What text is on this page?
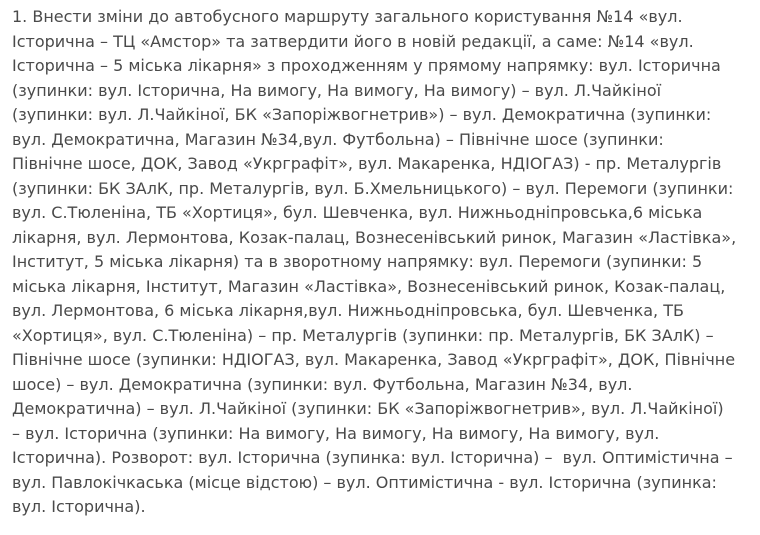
1. Внести зміни до автобусного маршруту загального користування №14 «вул.
Історична – ТЦ «Амстор» та затвердити його в новій редакції, а саме: №14 «вул.
Історична – 5 міська лікарня» з проходженням у прямому напрямку: вул. Історична
(зупинки: вул. Історична, На вимогу, На вимогу, На вимогу) – вул. Л.Чайкіної
(зупинки: вул. Л.Чайкіної, БК «Запоріжвогнетрив») – вул. Демократична (зупинки:
вул. Демократична, Магазин №34,вул. Футбольна) – Північне шосе (зупинки:
Північне шосе, ДОК, Завод «Укрграфіт», вул. Макаренка, НДІОГАЗ) - пр. Металургів
(зупинки: БК ЗАлК, пр. Металургів, вул. Б.Хмельницького) – вул. Перемоги (зупинки:
вул. С.Тюленіна, ТБ «Хортиця», бул. Шевченка, вул. Нижньодніпровська,6 міська
лікарня, вул. Лермонтова, Козак-палац, Вознесенівський ринок, Магазин «Ластівка»,
Інститут, 5 міська лікарня) та в зворотному напрямку: вул. Перемоги (зупинки: 5
міська лікарня, Інститут, Магазин «Ластівка», Вознесенівський ринок, Козак-палац,
вул. Лермонтова, 6 міська лікарня,вул. Нижньодніпровська, бул. Шевченка, ТБ
«Хортиця», вул. С.Тюленіна) – пр. Металургів (зупинки: пр. Металургів, БК ЗАлК) –
Північне шосе (зупинки: НДІОГАЗ, вул. Макаренка, Завод «Укрграфіт», ДОК, Північне
шосе) – вул. Демократична (зупинки: вул. Футбольна, Магазин №34, вул.
Демократична) – вул. Л.Чайкіної (зупинки: БК «Запоріжвогнетрив», вул. Л.Чайкіної)
– вул. Історична (зупинки: На вимогу, На вимогу, На вимогу, На вимогу, вул.
Історична). Розворот: вул. Історична (зупинка: вул. Історична) –  вул. Оптимістична –
вул. Павлокічкаська (місце відстою) – вул. Оптимістична - вул. Історична (зупинка:
вул. Історична).
